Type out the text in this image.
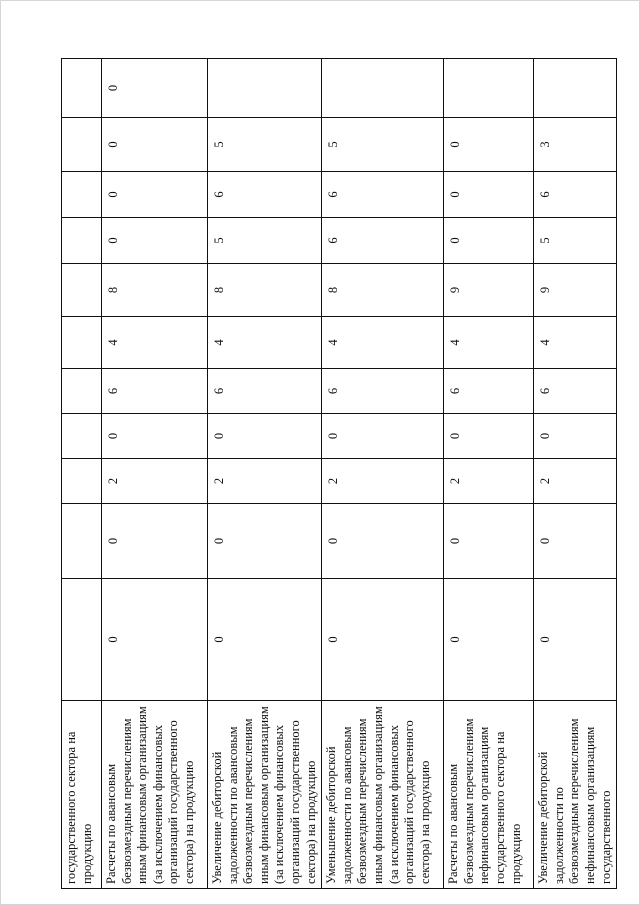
государственного сектора на продукцию											
Расчеты по авансовым безвозмездным перечислениям иным финансовым организациям (за исключением финансовых организаций государственного сектора) на продукцию	0	0	2	0	6	4	8	0	0	0	0
Увеличение дебиторской задолженности по авансовым безвозмездным перечислениям иным финансовым организациям (за исключением финансовых организаций государственного сектора) на продукцию	0	0	2	0	6	4	8	5	6	5	
Уменьшение дебиторской задолженности по авансовым безвозмездным перечислениям иным финансовым организациям (за исключением финансовых организаций государственного сектора) на продукцию	0	0	2	0	6	4	8	6	6	5	
Расчеты по авансовым безвозмездным перечислениям нефинансовым организациям государственного сектора на продукцию	0	0	2	0	6	4	9	0	0	0	
Увеличение дебиторской задолженности по безвозмездным перечислениям нефинансовым организациям государственного	0	0	2	0	6	4	9	5	6	3	
